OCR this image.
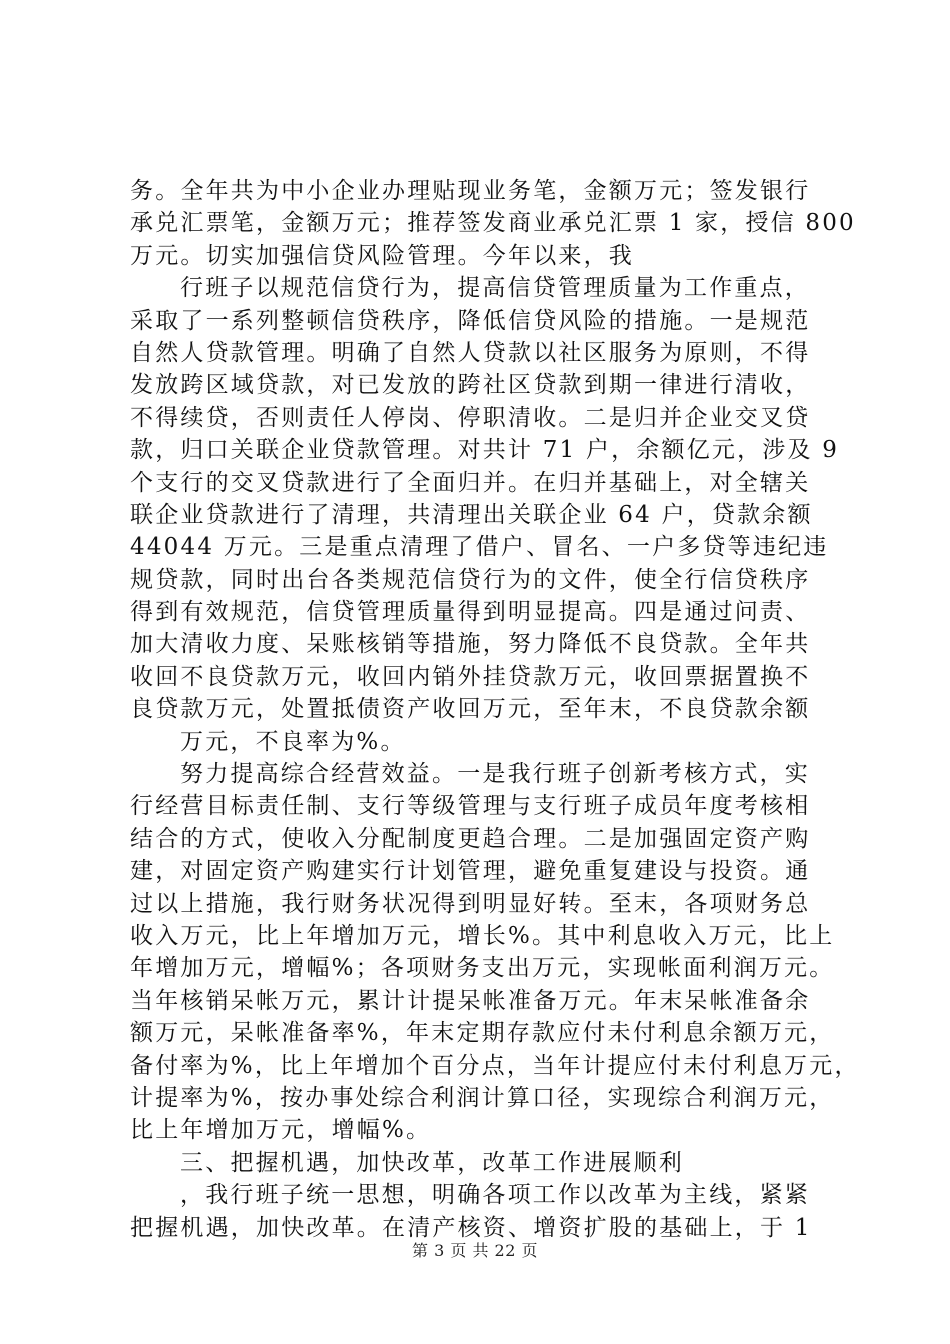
务。全年共为中小企业办理贴现业务笔，金额万元；签发银行
承兑汇票笔，金额万元；推荐签发商业承兑汇票 1 家，授信 800
万元。切实加强信贷风险管理。今年以来，我
行班子以规范信贷行为，提高信贷管理质量为工作重点，
采取了一系列整顿信贷秩序，降低信贷风险的措施。一是规范
自然人贷款管理。明确了自然人贷款以社区服务为原则，不得
发放跨区域贷款，对已发放的跨社区贷款到期一律进行清收，
不得续贷，否则责任人停岗、停职清收。二是归并企业交叉贷
款，归口关联企业贷款管理。对共计 71 户，余额亿元，涉及 9
个支行的交叉贷款进行了全面归并。在归并基础上，对全辖关
联企业贷款进行了清理，共清理出关联企业 64 户，贷款余额
44044 万元。三是重点清理了借户、冒名、一户多贷等违纪违
规贷款，同时出台各类规范信贷行为的文件，使全行信贷秩序
得到有效规范，信贷管理质量得到明显提高。四是通过问责、
加大清收力度、呆账核销等措施，努力降低不良贷款。全年共
收回不良贷款万元，收回内销外挂贷款万元，收回票据置换不
良贷款万元，处置抵债资产收回万元，至年末，不良贷款余额
万元，不良率为%。
努力提高综合经营效益。一是我行班子创新考核方式，实
行经营目标责任制、支行等级管理与支行班子成员年度考核相
结合的方式，使收入分配制度更趋合理。二是加强固定资产购
建，对固定资产购建实行计划管理，避免重复建设与投资。通
过以上措施，我行财务状况得到明显好转。至末，各项财务总
收入万元，比上年增加万元，增长%。其中利息收入万元，比上
年增加万元，增幅%；各项财务支出万元，实现帐面利润万元。
当年核销呆帐万元，累计计提呆帐准备万元。年末呆帐准备余
额万元，呆帐准备率%，年末定期存款应付未付利息余额万元，
备付率为%，比上年增加个百分点，当年计提应付未付利息万元，
计提率为%，按办事处综合利润计算口径，实现综合利润万元，
比上年增加万元，增幅%。
三、把握机遇，加快改革，改革工作进展顺利
，我行班子统一思想，明确各项工作以改革为主线，紧紧
把握机遇，加快改革。在清产核资、增资扩股的基础上，于 1
第 3 页 共 22 页
